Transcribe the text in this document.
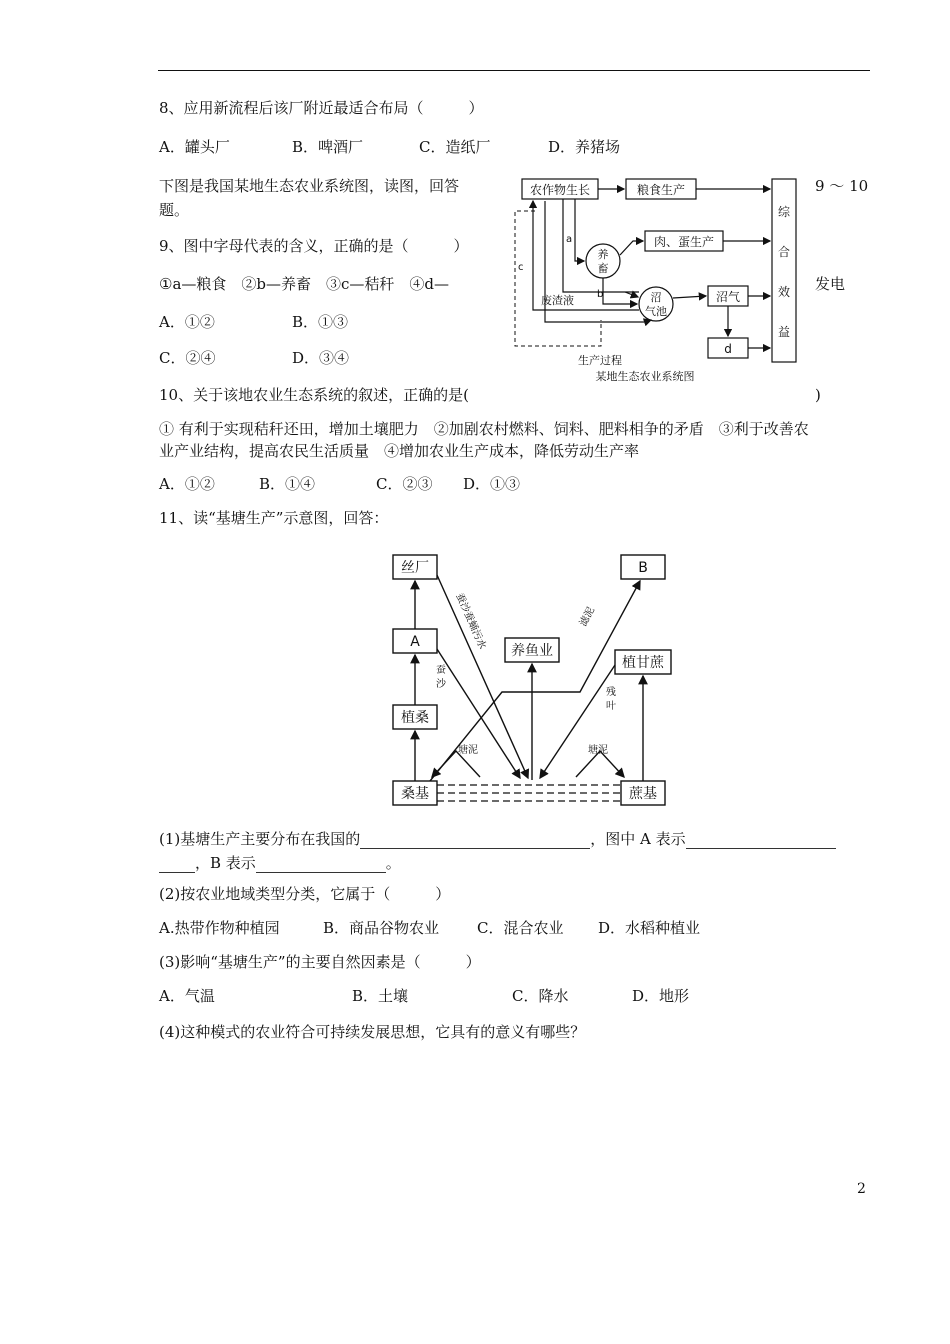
8、应用新流程后该厂附近最适合布局（　　　）
A．罐头厂	B．啤酒厂	C．造纸厂	D．养猪场
下图是我国某地生态农业系统图，读图，回答
题。
9 ～ 10
9、图中字母代表的含义，正确的是（　　　）
①a—粮食　②b—养畜　③c—秸秆　④d—	发电
A．①②	B．①③
C．②④	D．③④
农作物生长	粮食生产
肉、蛋生产
养
畜
沼
气池
沼气
d
综
合
效
益
a
b
c
废渣液
生产过程
某地生态农业系统图
10、关于该地农业生态系统的叙述，正确的是(	)
① 有利于实现秸秆还田，增加土壤肥力　②加剧农村燃料、饲料、肥料相争的矛盾　③利于改善农
业产业结构，提高农民生活质量　④增加农业生产成本，降低劳动生产率
A．①②	B．①④	C．②③ D．①③
11、读“基塘生产”示意图，回答：
丝厂	B
A
养鱼业
植甘蔗
植桑
桑基	蔗基
蚕沙蚕蛹污水	滤泥
蚕
沙
残
叶
塘泥	塘泥
(1)基塘生产主要分布在我国的	，图中 A 表示
，B 表示	。
(2)按农业地域类型分类，它属于（　　　）
A.热带作物种植园	B．商品谷物农业	C．混合农业 D．水稻种植业
(3)影响“基塘生产”的主要自然因素是（　　　）
A．气温	B．土壤	C．降水	D．地形
(4)这种模式的农业符合可持续发展思想，它具有的意义有哪些？
2
